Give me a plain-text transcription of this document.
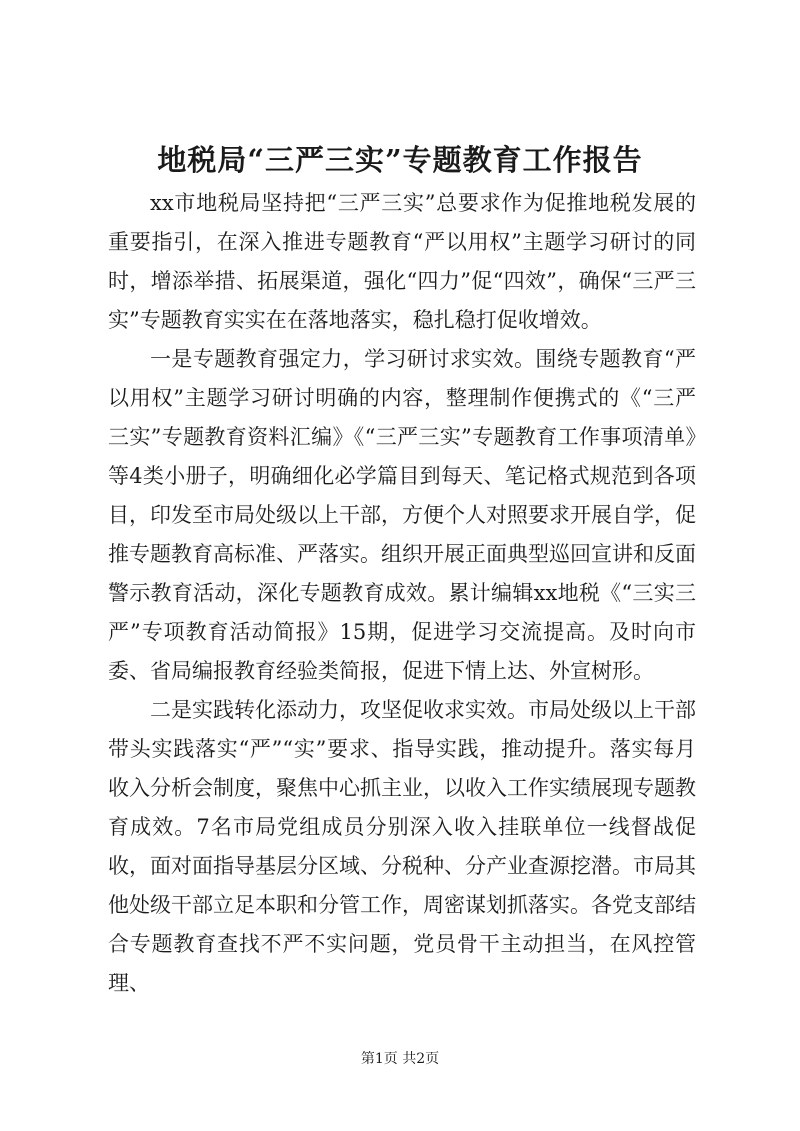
地税局“三严三实”专题教育工作报告

xx市地税局坚持把“三严三实”总要求作为促推地税发展的重要指引，在深入推进专题教育“严以用权”主题学习研讨的同时，增添举措、拓展渠道，强化“四力”促“四效”，确保“三严三实”专题教育实实在在落地落实，稳扎稳打促收增效。

一是专题教育强定力，学习研讨求实效。围绕专题教育“严以用权”主题学习研讨明确的内容，整理制作便携式的《“三严三实”专题教育资料汇编》《“三严三实”专题教育工作事项清单》等4类小册子，明确细化必学篇目到每天、笔记格式规范到各项目，印发至市局处级以上干部，方便个人对照要求开展自学，促推专题教育高标准、严落实。组织开展正面典型巡回宣讲和反面警示教育活动，深化专题教育成效。累计编辑xx地税《“三实三严”专项教育活动简报》15期，促进学习交流提高。及时向市委、省局编报教育经验类简报，促进下情上达、外宣树形。

二是实践转化添动力，攻坚促收求实效。市局处级以上干部带头实践落实“严”“实”要求、指导实践，推动提升。落实每月收入分析会制度，聚焦中心抓主业，以收入工作实绩展现专题教育成效。7名市局党组成员分别深入收入挂联单位一线督战促收，面对面指导基层分区域、分税种、分产业查源挖潜。市局其他处级干部立足本职和分管工作，周密谋划抓落实。各党支部结合专题教育查找不严不实问题，党员骨干主动担当，在风控管理、

第1页 共2页
